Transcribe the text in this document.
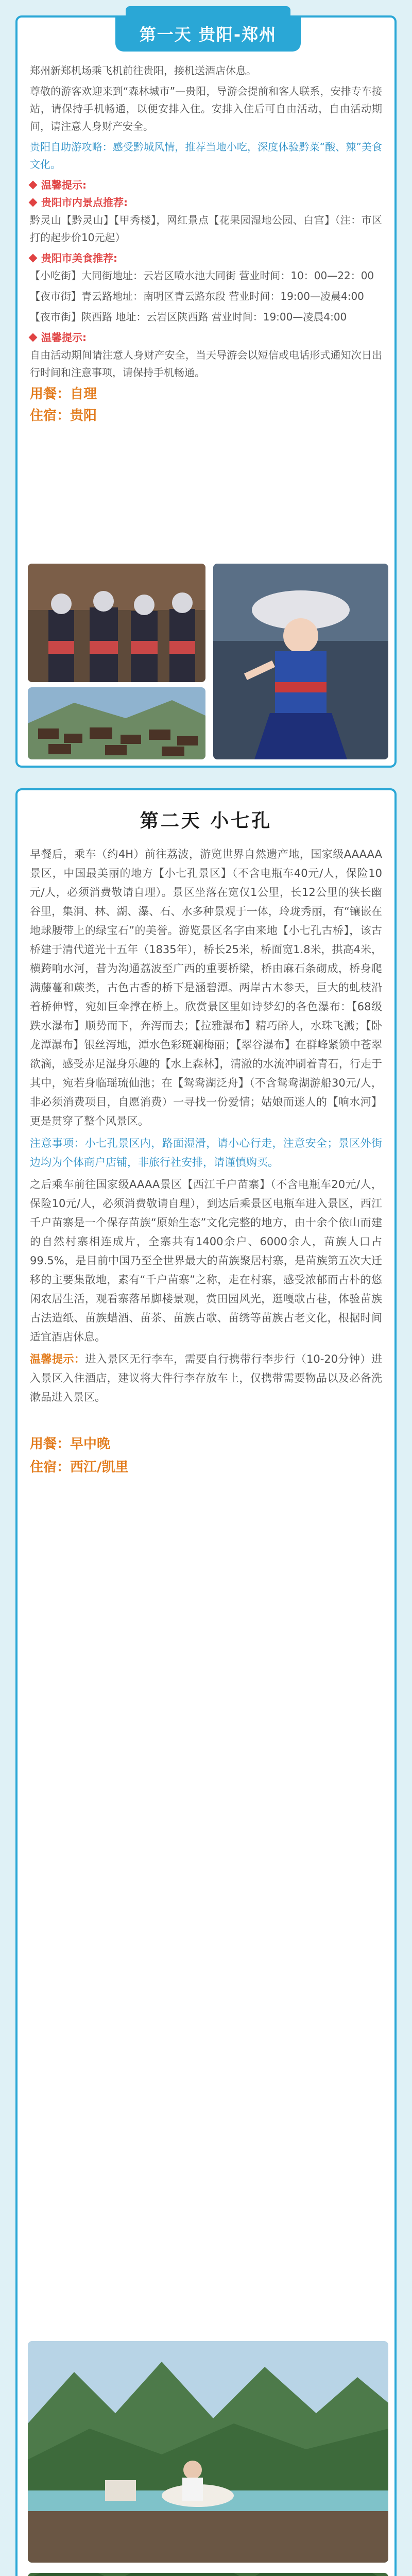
第一天 贵阳-郑州

郑州新郑机场乘飞机前往贵阳，接机送酒店休息。

尊敬的游客欢迎来到“森林城市”—贵阳，导游会提前和客人联系，安排专车接站，请保持手机畅通，以便安排入住。安排入住后可自由活动，自由活动期间，请注意人身财产安全。

贵阳自助游攻略：感受黔城风情，推荐当地小吃，深度体验黔菜“酸、辣”美食文化。

温馨提示:
贵阳市内景点推荐:

黔灵山【黔灵山】【甲秀楼】，网红景点【花果园湿地公园、白宫】（注：市区打的起步价10元起）

贵阳市美食推荐:

【小吃街】大同街地址：云岩区喷水池大同街 营业时间：10：00—22：00

【夜市街】青云路地址：南明区青云路东段 营业时间：19:00—凌晨4:00

【夜市街】陕西路 地址：云岩区陕西路 营业时间：19:00—凌晨4:00

温馨提示:

自由活动期间请注意人身财产安全，当天导游会以短信或电话形式通知次日出行时间和注意事项，请保持手机畅通。

用餐：自理
住宿：贵阳
第二天 小七孔

早餐后，乘车（约4H）前往荔波，游览世界自然遗产地，国家级AAAAA景区，中国最美丽的地方【小七孔景区】（不含电瓶车40元/人，保险10元/人，必须消费敬请自理）。景区坐落在宽仅1公里，长12公里的狭长幽谷里，集洞、林、湖、瀑、石、水多种景观于一体，玲珑秀丽，有“镶嵌在地球腰带上的绿宝石”的美誉。游览景区名字由来地【小七孔古桥】，该古桥建于清代道光十五年（1835年），桥长25米，桥面宽1.8米，拱高4米，横跨响水河，昔为沟通荔波至广西的重要桥梁，桥由麻石条砌成，桥身爬满藤蔓和蕨类，古色古香的桥下是涵碧潭。两岸古木参天，巨大的虬枝沿着桥伸臂，宛如巨伞撑在桥上。欣赏景区里如诗梦幻的各色瀑布：【68级跌水瀑布】顺势而下，奔泻而去；【拉雅瀑布】精巧醉人，水珠飞溅；【卧龙潭瀑布】银丝泻地，潭水色彩斑斓梅丽；【翠谷瀑布】在群峰紧锁中苍翠欲滴，感受赤足湿身乐趣的【水上森林】，清澈的水流冲刷着青石，行走于其中，宛若身临瑶琉仙池；在【鸳鸯湖泛舟】（不含鸳鸯湖游船30元/人，非必须消费项目，自愿消费）一寻找一份爱情；姑娘而迷人的【响水河】更是贯穿了整个风景区。

注意事项：小七孔景区内，路面湿滑，请小心行走，注意安全；景区外街边均为个体商户店铺，非旅行社安排，请谨慎购买。

之后乘车前往国家级AAAA景区【西江千户苗寨】（不含电瓶车20元/人，保险10元/人，必须消费敬请自理），到达后乘景区电瓶车进入景区，西江千户苗寨是一个保存苗族“原始生态”文化完整的地方，由十余个依山而建的自然村寨相连成片，全寨共有1400余户、6000余人，苗族人口占99.5%，是目前中国乃至全世界最大的苗族聚居村寨，是苗族第五次大迁移的主要集散地，素有“千户苗寨”之称，走在村寨，感受浓郁而古朴的悠闲农居生活，观看寨落吊脚楼景观，赏田园风光，逛嘎歌古巷，体验苗族古法造纸、苗族蜡酒、苗茶、苗族古歌、苗绣等苗族古老文化，根据时间适宜酒店休息。

温馨提示：进入景区无行李车，需要自行携带行李步行（10-20分钟）进入景区入住酒店，建议将大件行李存放车上，仅携带需要物品以及必备洗漱品进入景区。

用餐：早中晚
住宿：西江/凯里
